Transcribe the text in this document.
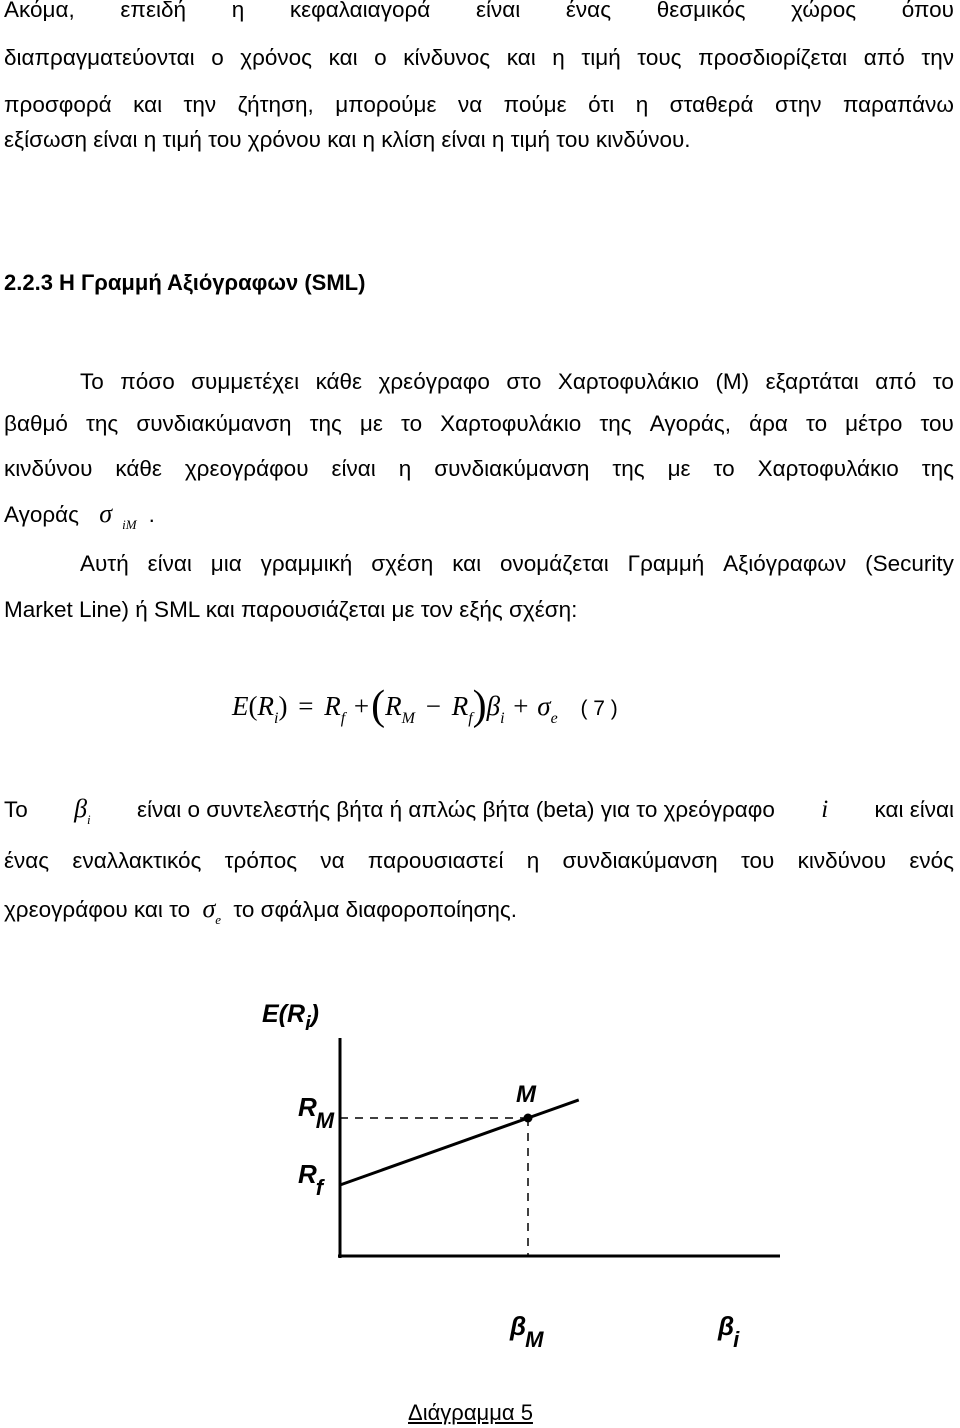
Ακόμα, επειδή η κεφαλαιαγορά είναι ένας θεσμικός χώρος όπου
διαπραγματεύονται ο χρόνος και ο κίνδυνος και η τιμή τους προσδιορίζεται από την
προσφορά και την ζήτηση, μπορούμε να πούμε ότι η σταθερά στην παραπάνω
εξίσωση είναι η τιμή του χρόνου και η κλίση είναι η τιμή του κινδύνου.
2.2.3 Η Γραμμή Αξιόγραφων (SML)
Το πόσο συμμετέχει κάθε χρεόγραφο στο Χαρτοφυλάκιο (Μ) εξαρτάται από το
βαθμό της συνδιακύμανση της με το Χαρτοφυλάκιο της Αγοράς, άρα το μέτρο του
κινδύνου κάθε χρεογράφου είναι η συνδιακύμανση της με το Χαρτοφυλάκιο της
Αγοράς σ $_{iM}$ .
Αυτή είναι μια γραμμική σχέση και ονομάζεται Γραμμή Αξιόγραφων (Security
Market Line) ή SML και παρουσιάζεται με τον εξής σχέση:
$E(R_i) = R_f +(R_M - R_f)\beta_i + \sigma_e$ ( 7 )
Το $\beta_i$ είναι ο συντελεστής βήτα ή απλώς βήτα (beta) για το χρεόγραφο i και είναι
ένας εναλλακτικός τρόπος να παρουσιαστεί η συνδιακύμανση του κινδύνου ενός
χρεογράφου και το $\sigma_e$ το σφάλμα διαφοροποίησης.
$E(R_i)$
M
RM
Rf
βM	βi
Διάγραμμα 5
